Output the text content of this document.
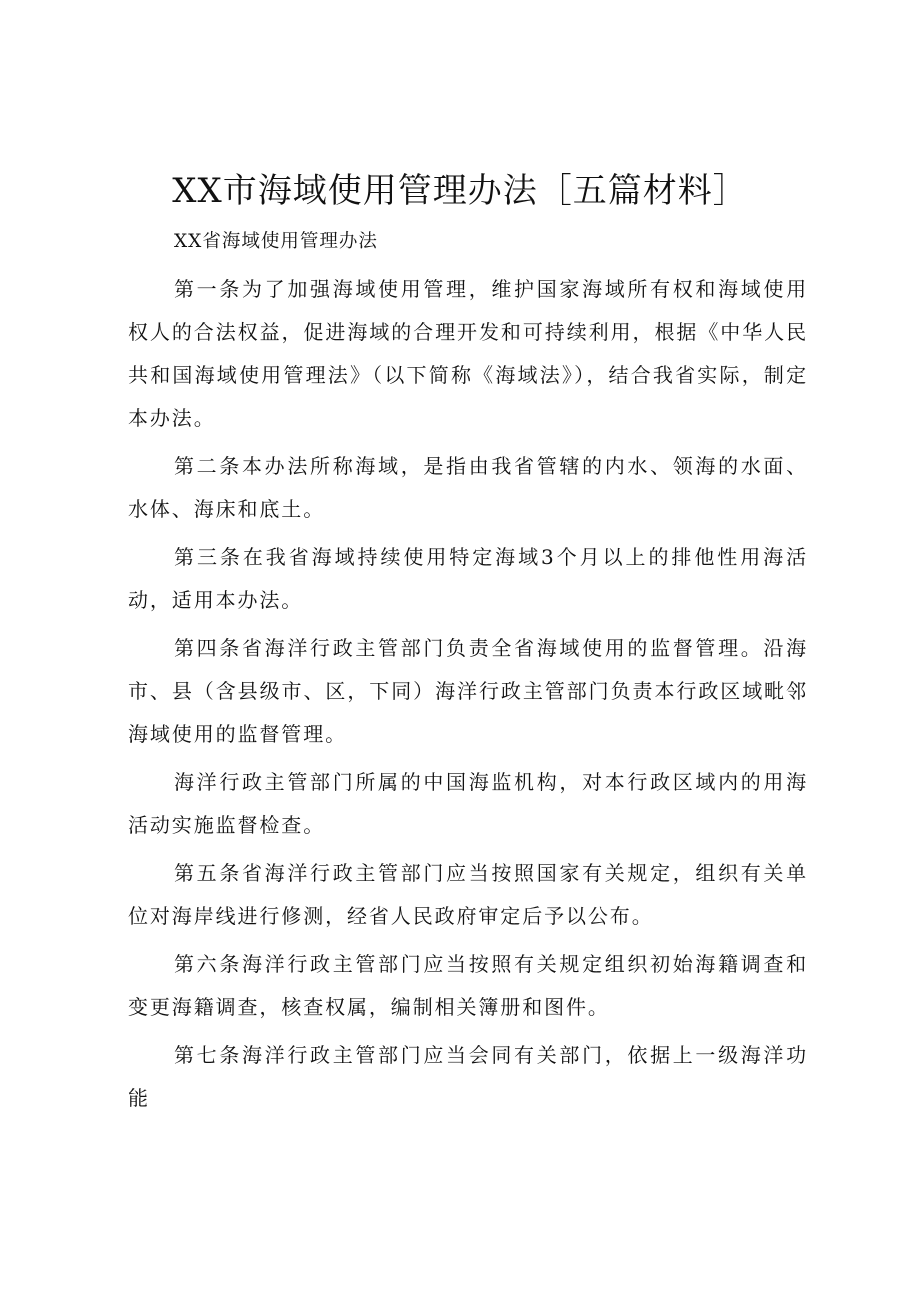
XX市海域使用管理办法［五篇材料］

XX省海域使用管理办法

第一条为了加强海域使用管理，维护国家海域所有权和海域使用权人的合法权益，促进海域的合理开发和可持续利用，根据《中华人民共和国海域使用管理法》（以下简称《海域法》），结合我省实际，制定本办法。

第二条本办法所称海域，是指由我省管辖的内水、领海的水面、水体、海床和底土。

第三条在我省海域持续使用特定海域3个月以上的排他性用海活动，适用本办法。

第四条省海洋行政主管部门负责全省海域使用的监督管理。沿海市、县（含县级市、区，下同）海洋行政主管部门负责本行政区域毗邻海域使用的监督管理。

海洋行政主管部门所属的中国海监机构，对本行政区域内的用海活动实施监督检查。

第五条省海洋行政主管部门应当按照国家有关规定，组织有关单位对海岸线进行修测，经省人民政府审定后予以公布。

第六条海洋行政主管部门应当按照有关规定组织初始海籍调查和变更海籍调查，核查权属，编制相关簿册和图件。

第七条海洋行政主管部门应当会同有关部门，依据上一级海洋功能
